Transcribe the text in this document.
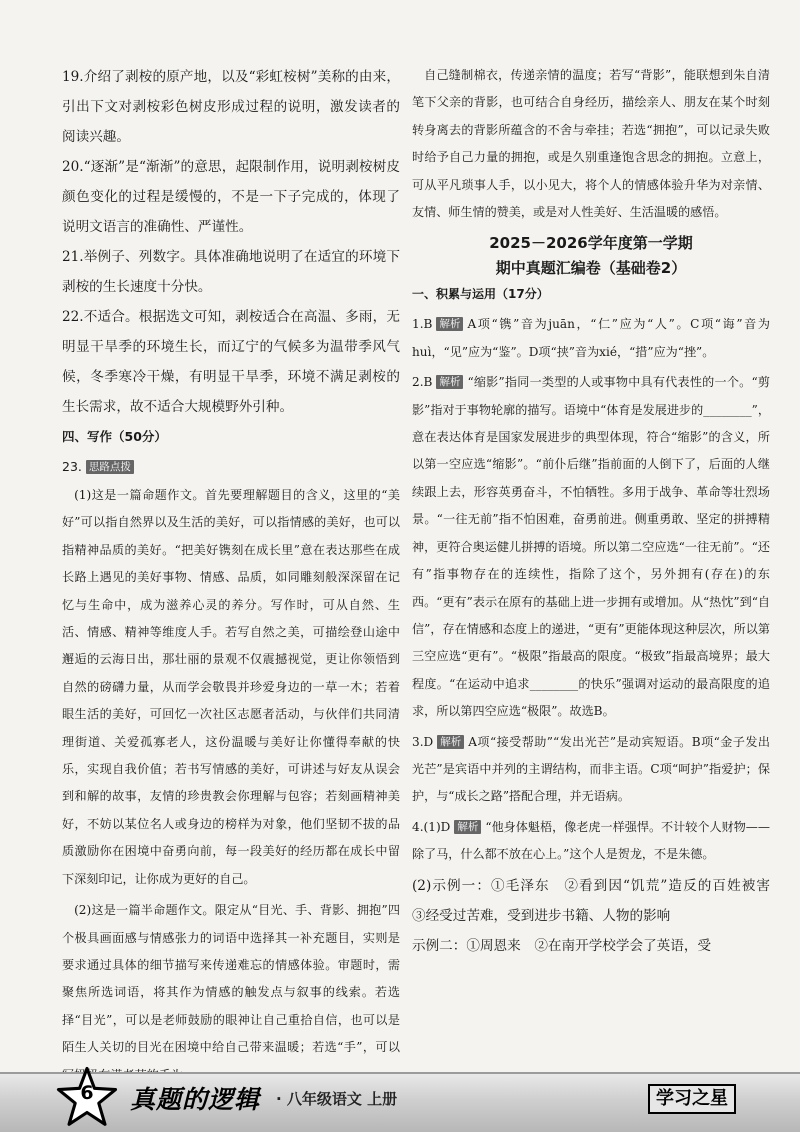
19.介绍了剥桉的原产地，以及“彩虹桉树”美称的由来，引出下文对剥桉彩色树皮形成过程的说明，激发读者的阅读兴趣。

20.“逐渐”是“渐渐”的意思，起限制作用，说明剥桉树皮颜色变化的过程是缓慢的，不是一下子完成的，体现了说明文语言的准确性、严谨性。

21.举例子、列数字。具体准确地说明了在适宜的环境下剥桉的生长速度十分快。

22.不适合。根据选文可知，剥桉适合在高温、多雨，无明显干旱季的环境生长，而辽宁的气候多为温带季风气候，冬季寒冷干燥，有明显干旱季，环境不满足剥桉的生长需求，故不适合大规模野外引种。

四、写作（50分）

23. 思路点拨

(1)这是一篇命题作文。首先要理解题目的含义，这里的“美好”可以指自然界以及生活的美好，可以指情感的美好，也可以指精神品质的美好。“把美好镌刻在成长里”意在表达那些在成长路上遇见的美好事物、情感、品质，如同雕刻般深深留在记忆与生命中，成为滋养心灵的养分。写作时，可从自然、生活、情感、精神等维度人手。若写自然之美，可描绘登山途中邂逅的云海日出，那壮丽的景观不仅震撼视觉，更让你领悟到自然的磅礴力量，从而学会敬畏并珍爱身边的一草一木；若着眼生活的美好，可回忆一次社区志愿者活动，与伙伴们共同清理街道、关爱孤寡老人，这份温暖与美好让你懂得奉献的快乐，实现自我价值；若书写情感的美好，可讲述与好友从误会到和解的故事，友情的珍贵教会你理解与包容；若刻画精神美好，不妨以某位名人或身边的榜样为对象，他们坚韧不拔的品质激励你在困境中奋勇向前，每一段美好的经历都在成长中留下深刻印记，让你成为更好的自己。

(2)这是一篇半命题作文。限定从“目光、手、背影、拥抱”四个极具画面感与情感张力的词语中选择其一补充题目，实则是要求通过具体的细节描写来传递难忘的情感体验。审题时，需聚焦所选词语，将其作为情感的触发点与叙事的线索。若选择“目光”，可以是老师鼓励的眼神让自己重拾自信，也可以是陌生人关切的目光在困境中给自己带来温暖；若选“手”，可以

自己缝制棉衣，传递亲情的温度；若写“背影”，能联想到朱自清笔下父亲的背影，也可结合自身经历，描绘亲人、朋友在某个时刻转身离去的背影所蕴含的不舍与牵挂；若选“拥抱”，可以记录失败时给予自己力量的拥抱，或是久别重逢饱含思念的拥抱。立意上，可从平凡琐事人手，以小见大，将个人的情感体验升华为对亲情、友情、师生情的赞美，或是对人性美好、生活温暖的感悟。

2025－2026学年度第一学期

期中真题汇编卷（基础卷2）

一、积累与运用（17分）

1.B 解析 A项“镌”音为juān，“仁”应为“人”。C项“诲”音为huì，“见”应为“鉴”。D项“挟”音为xié，“措”应为“挫”。

2.B 解析 “缩影”指同一类型的人或事物中具有代表性的一个。“剪影”指对于事物轮廓的描写。语境中“体育是发展进步的________”，意在表达体育是国家发展进步的典型体现，符合“缩影”的含义，所以第一空应选“缩影”。“前仆后继”指前面的人倒下了，后面的人继续跟上去，形容英勇奋斗，不怕牺牲。多用于战争、革命等壮烈场景。“一往无前”指不怕困难，奋勇前进。侧重勇敢、坚定的拼搏精神，更符合奥运健儿拼搏的语境。所以第二空应选“一往无前”。“还有”指事物存在的连续性，指除了这个，另外拥有(存在)的东西。“更有”表示在原有的基础上进一步拥有或增加。从“热忱”到“自信”，存在情感和态度上的递进，“更有”更能体现这种层次，所以第三空应选“更有”。“极限”指最高的限度。“极致”指最高境界；最大程度。“在运动中追求________的快乐”强调对运动的最高限度的追求，所以第四空应选“极限”。故选B。

3.D 解析 A项“接受帮助”“发出光芒”是动宾短语。B项“金子发出光芒”是宾语中并列的主谓结构，而非主语。C项“呵护”指爱护；保护，与“成长之路”搭配合理，并无语病。

4.(1)D 解析 “他身体魁梧，像老虎一样强悍。不计较个人财物——除了马，什么都不放在心上。”这个人是贺龙，不是朱德。

(2)示例一：①毛泽东　②看到因“饥荒”造反的百姓被害　③经受过苦难，受到进步书籍、人物的影响

示例二：①周恩来　②在南开学校学会了英语，受

6	真题的逻辑 · 八年级语文 上册	学习之星
